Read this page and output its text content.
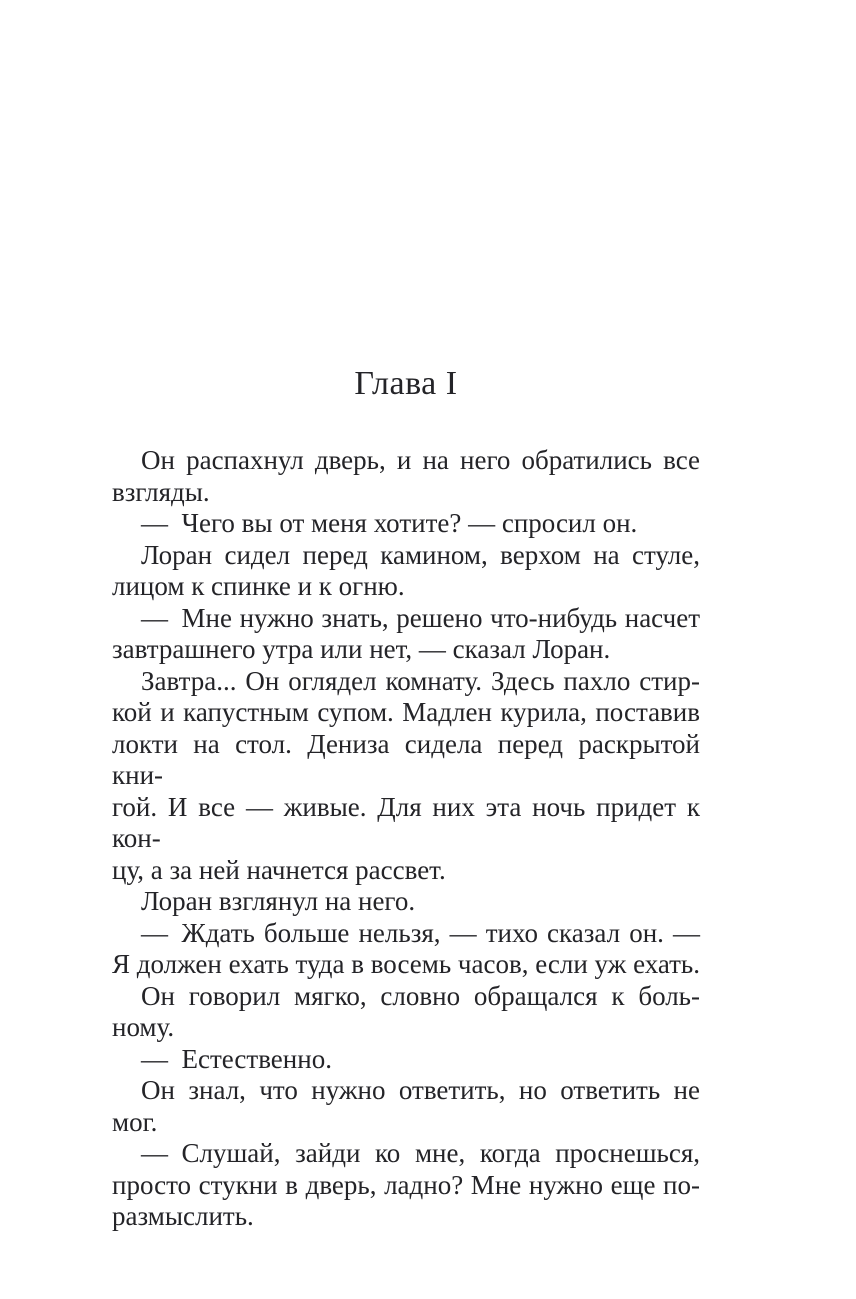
Глава I

Он распахнул дверь, и на него обратились все
взгляды.

— Чего вы от меня хотите? — спросил он.

Лоран сидел перед камином, верхом на стуле,
лицом к спинке и к огню.

— Мне нужно знать, решено что-нибудь насчет
завтрашнего утра или нет, — сказал Лоран.

Завтра... Он оглядел комнату. Здесь пахло стир-
кой и капустным супом. Мадлен курила, поставив
локти на стол. Дениза сидела перед раскрытой кни-
гой. И все — живые. Для них эта ночь придет к кон-
цу, а за ней начнется рассвет.

Лоран взглянул на него.

— Ждать больше нельзя, — тихо сказал он. —
Я должен ехать туда в восемь часов, если уж ехать.

Он говорил мягко, словно обращался к боль-
ному.

— Естественно.

Он знал, что нужно ответить, но ответить не мог.

— Слушай, зайди ко мне, когда проснешься,
просто стукни в дверь, ладно? Мне нужно еще по-
размыслить.
